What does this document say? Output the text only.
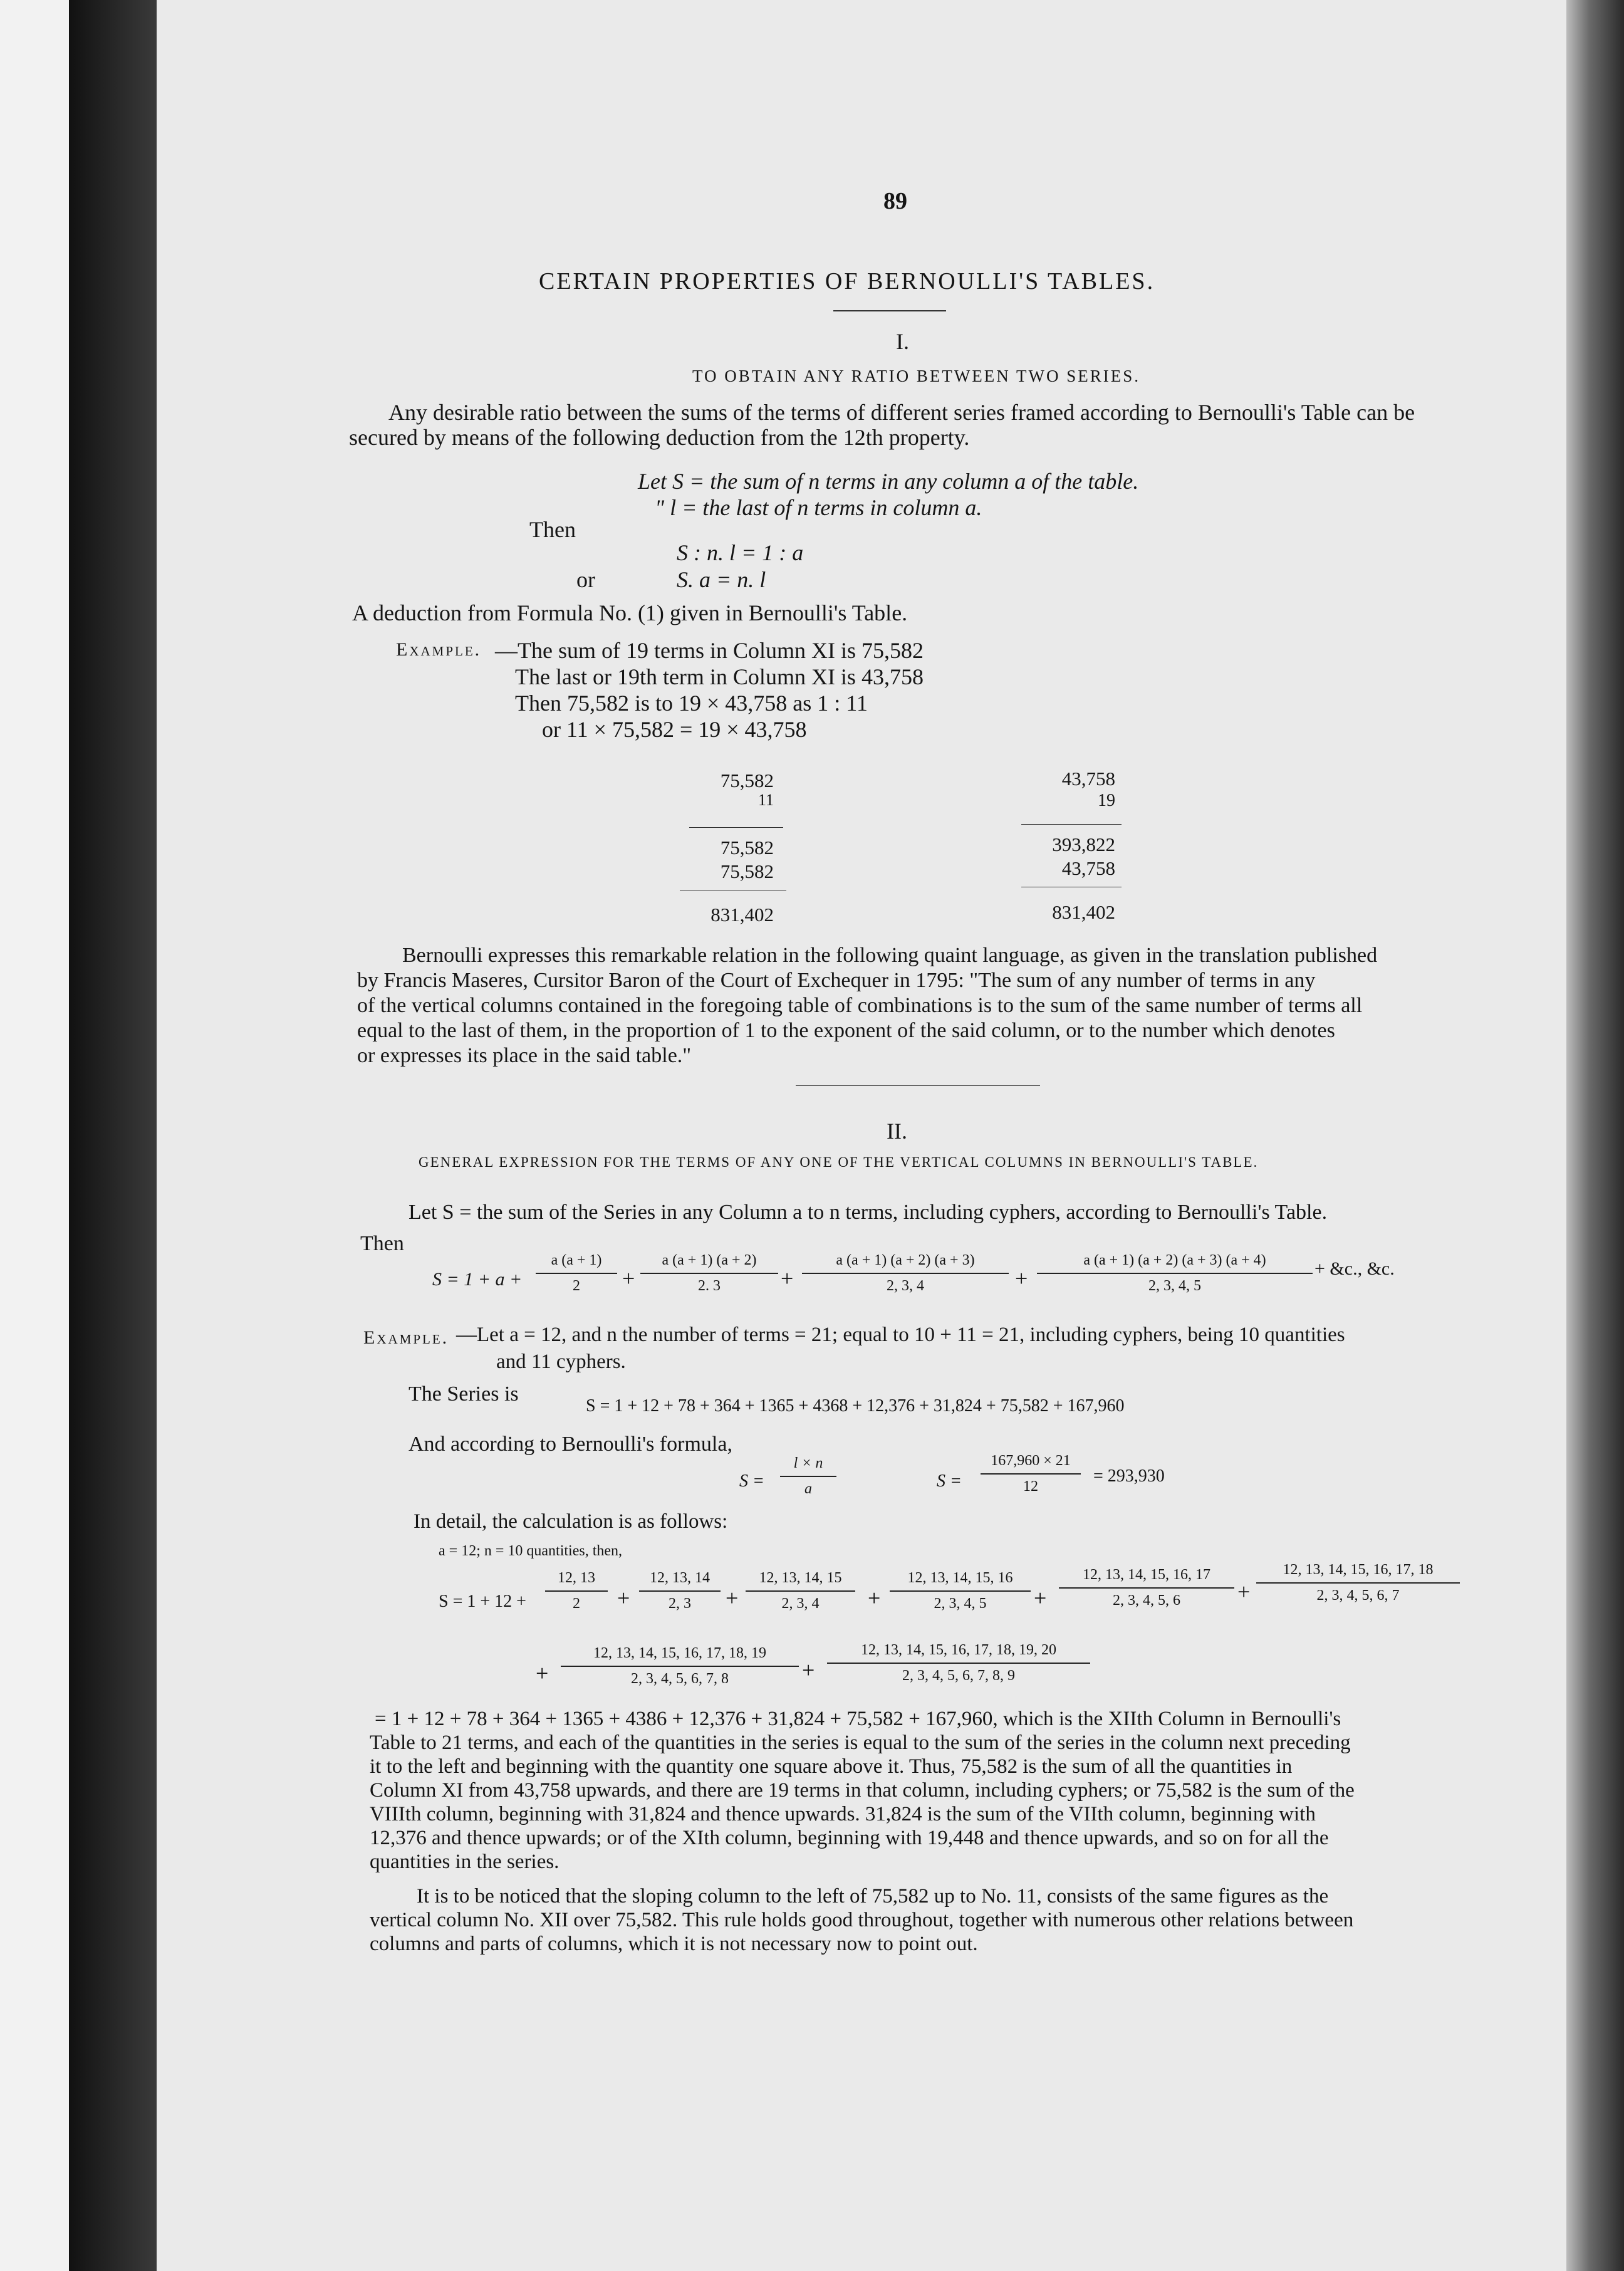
89
CERTAIN PROPERTIES OF BERNOULLI'S TABLES.
I.
TO OBTAIN ANY RATIO BETWEEN TWO SERIES.
Any desirable ratio between the sums of the terms of different series framed according to Bernoulli's Table can be
secured by means of the following deduction from the 12th property.
Let S = the sum of n terms in any column a of the table.
" l = the last of n terms in column a.
Then
S : n. l = 1 : a
or	S. a = n. l
A deduction from Formula No. (1) given in Bernoulli's Table.
Example. —The sum of 19 terms in Column XI is 75,582
The last or 19th term in Column XI is 43,758
Then 75,582 is to 19 × 43,758 as 1 : 11
or 11 × 75,582 = 19 × 43,758
75,582
11
75,582
75,582
831,402
43,758
19
393,822
43,758
831,402
Bernoulli expresses this remarkable relation in the following quaint language, as given in the translation published
by Francis Maseres, Cursitor Baron of the Court of Exchequer in 1795: "The sum of any number of terms in any
of the vertical columns contained in the foregoing table of combinations is to the sum of the same number of terms all
equal to the last of them, in the proportion of 1 to the exponent of the said column, or to the number which denotes
or expresses its place in the said table."
II.
GENERAL EXPRESSION FOR THE TERMS OF ANY ONE OF THE VERTICAL COLUMNS IN BERNOULLI'S TABLE.
Let S = the sum of the Series in any Column a to n terms, including cyphers, according to Bernoulli's Table.
Then
S = 1 + a +
a (a + 1)
2	+
a (a + 1) (a + 2)
2. 3	+
a (a + 1) (a + 2) (a + 3)
2, 3, 4	+
a (a + 1) (a + 2) (a + 3) (a + 4)
2, 3, 4, 5
+ &c., &c.
Example. —Let a = 12, and n the number of terms = 21; equal to 10 + 11 = 21, including cyphers, being 10 quantities
and 11 cyphers.
The Series is
S = 1 + 12 + 78 + 364 + 1365 + 4368 + 12,376 + 31,824 + 75,582 + 167,960
And according to Bernoulli's formula,
S =
l × n
a	S =
167,960 × 21
12
= 293,930
In detail, the calculation is as follows:
a = 12; n = 10 quantities, then,
S = 1 + 12 +
12, 13
2	+
12, 13, 14
2, 3	+
12, 13, 14, 15
2, 3, 4	+
12, 13, 14, 15, 16
2, 3, 4, 5	+
12, 13, 14, 15, 16, 17
2, 3, 4, 5, 6	+
12, 13, 14, 15, 16, 17, 18
2, 3, 4, 5, 6, 7
+
12, 13, 14, 15, 16, 17, 18, 19
2, 3, 4, 5, 6, 7, 8	+
12, 13, 14, 15, 16, 17, 18, 19, 20
2, 3, 4, 5, 6, 7, 8, 9
= 1 + 12 + 78 + 364 + 1365 + 4386 + 12,376 + 31,824 + 75,582 + 167,960, which is the XIIth Column in Bernoulli's
Table to 21 terms, and each of the quantities in the series is equal to the sum of the series in the column next preceding
it to the left and beginning with the quantity one square above it. Thus, 75,582 is the sum of all the quantities in
Column XI from 43,758 upwards, and there are 19 terms in that column, including cyphers; or 75,582 is the sum of the
VIIIth column, beginning with 31,824 and thence upwards. 31,824 is the sum of the VIIth column, beginning with
12,376 and thence upwards; or of the XIth column, beginning with 19,448 and thence upwards, and so on for all the
quantities in the series.
It is to be noticed that the sloping column to the left of 75,582 up to No. 11, consists of the same figures as the
vertical column No. XII over 75,582. This rule holds good throughout, together with numerous other relations between
columns and parts of columns, which it is not necessary now to point out.
